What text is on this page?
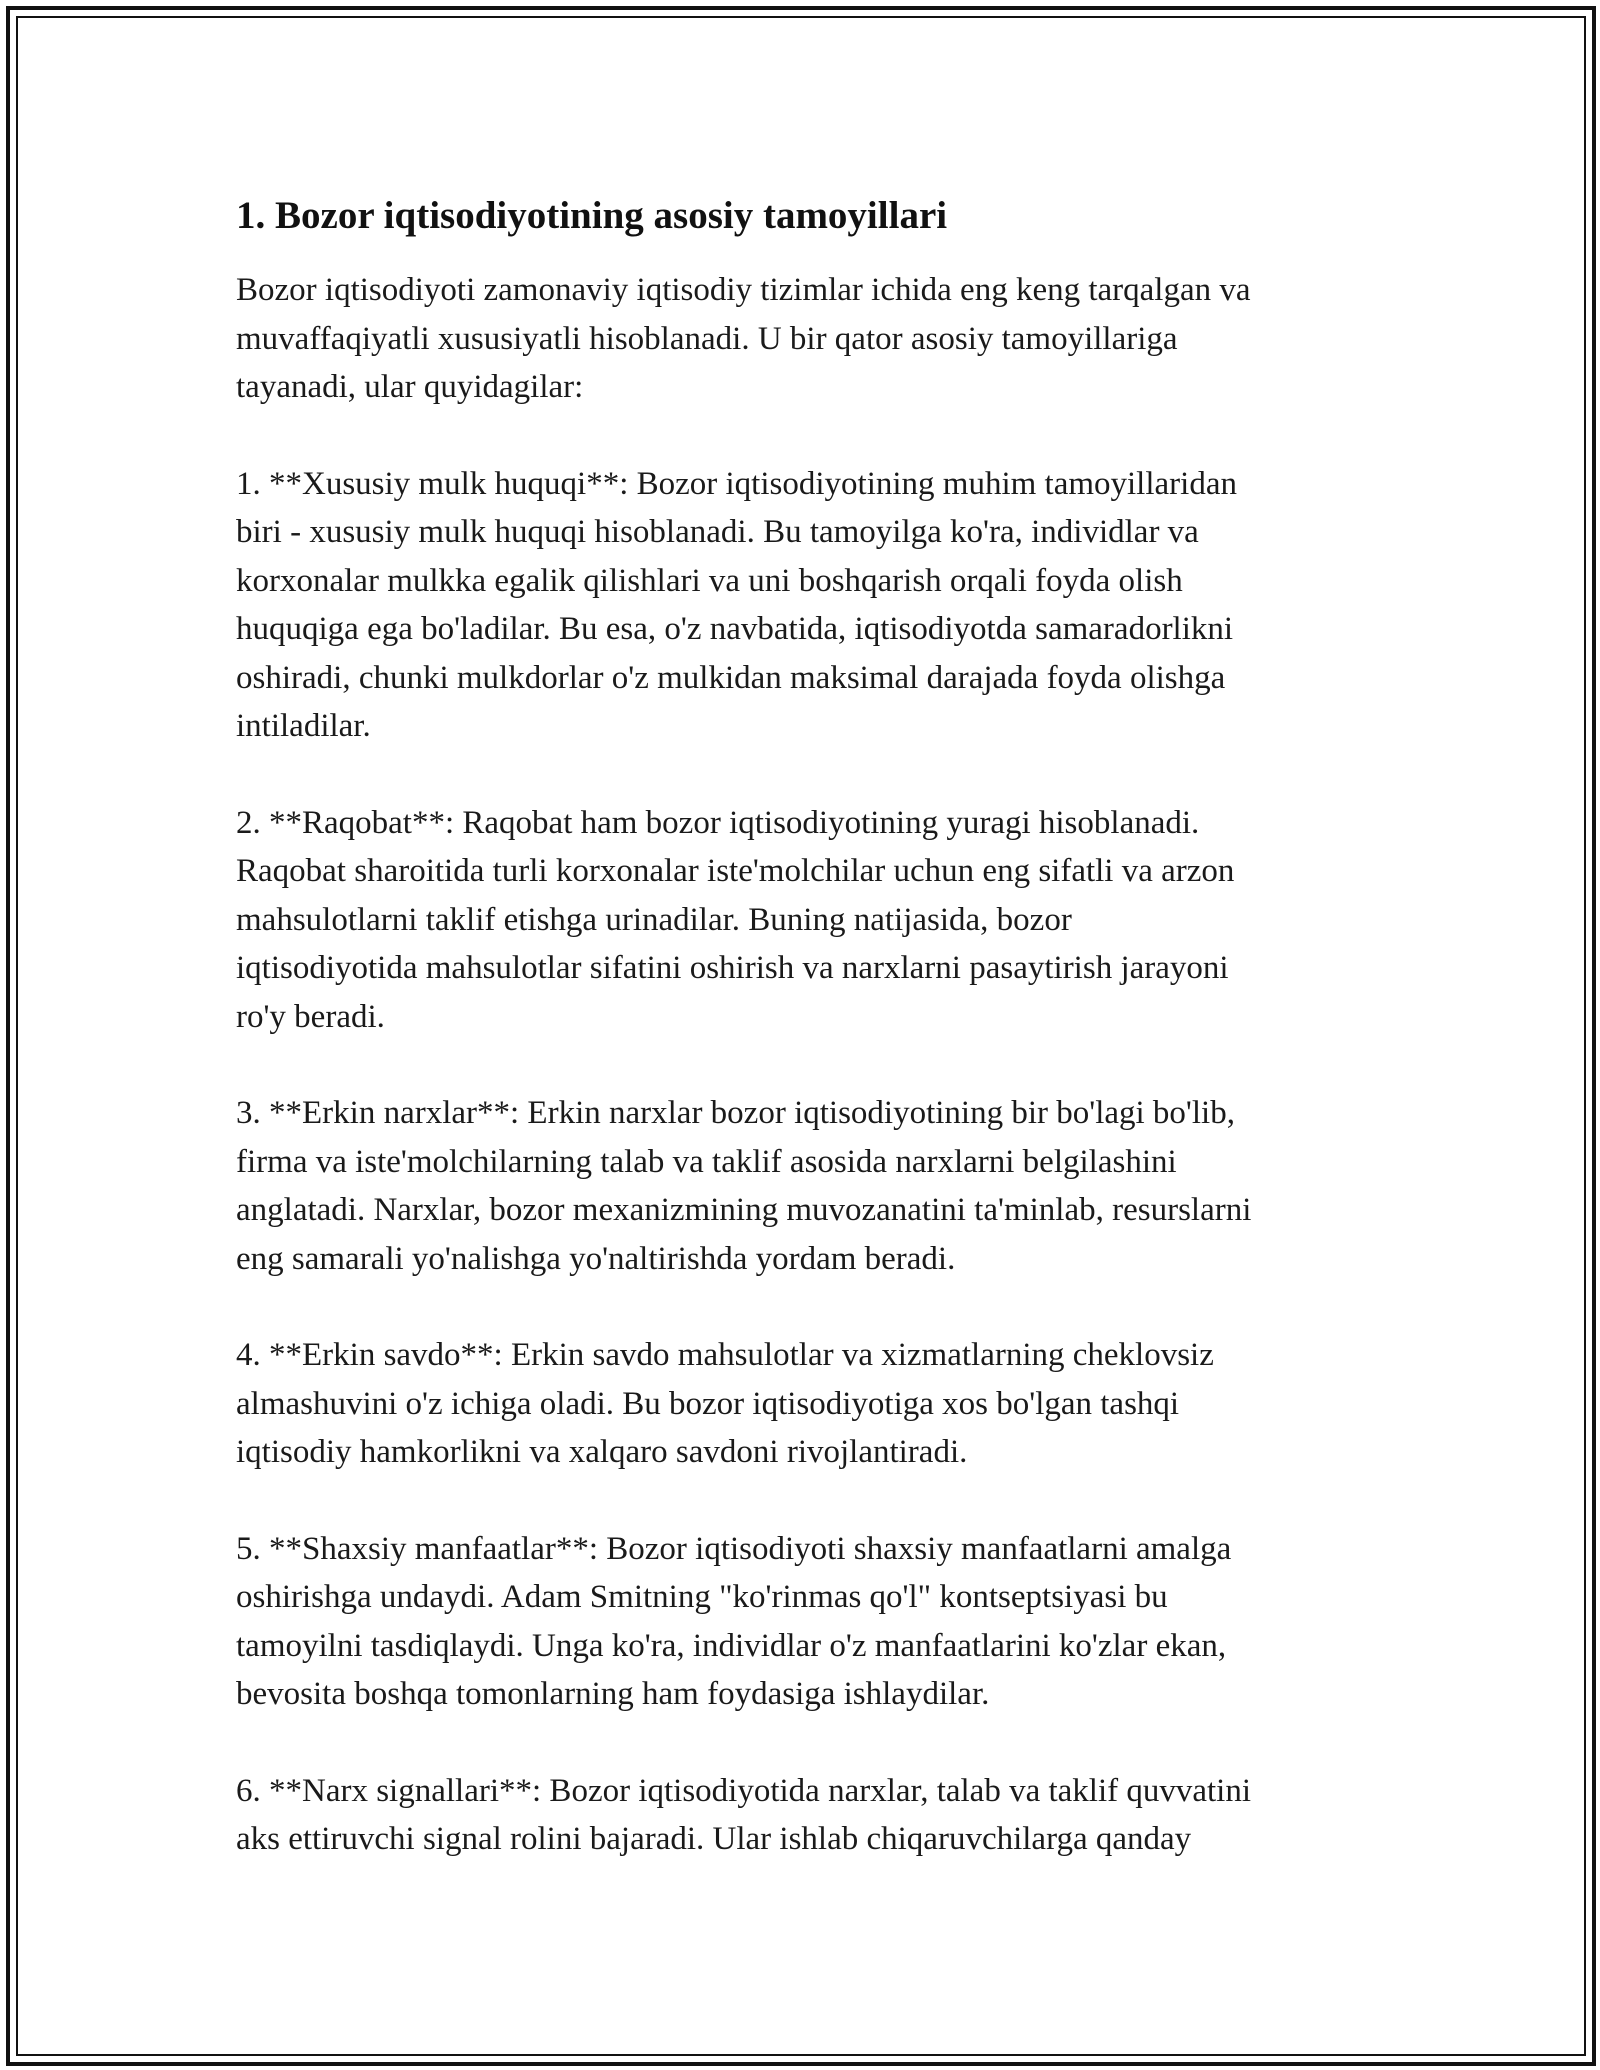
1. Bozor iqtisodiyotining asosiy tamoyillari

Bozor iqtisodiyoti zamonaviy iqtisodiy tizimlar ichida eng keng tarqalgan va
muvaffaqiyatli xususiyatli hisoblanadi. U bir qator asosiy tamoyillariga
tayanadi, ular quyidagilar:

1. **Xususiy mulk huquqi**: Bozor iqtisodiyotining muhim tamoyillaridan
biri - xususiy mulk huquqi hisoblanadi. Bu tamoyilga ko'ra, individlar va
korxonalar mulkka egalik qilishlari va uni boshqarish orqali foyda olish
huquqiga ega bo'ladilar. Bu esa, o'z navbatida, iqtisodiyotda samaradorlikni
oshiradi, chunki mulkdorlar o'z mulkidan maksimal darajada foyda olishga
intiladilar.

2. **Raqobat**: Raqobat ham bozor iqtisodiyotining yuragi hisoblanadi.
Raqobat sharoitida turli korxonalar iste'molchilar uchun eng sifatli va arzon
mahsulotlarni taklif etishga urinadilar. Buning natijasida, bozor
iqtisodiyotida mahsulotlar sifatini oshirish va narxlarni pasaytirish jarayoni
ro'y beradi.

3. **Erkin narxlar**: Erkin narxlar bozor iqtisodiyotining bir bo'lagi bo'lib,
firma va iste'molchilarning talab va taklif asosida narxlarni belgilashini
anglatadi. Narxlar, bozor mexanizmining muvozanatini ta'minlab, resurslarni
eng samarali yo'nalishga yo'naltirishda yordam beradi.

4. **Erkin savdo**: Erkin savdo mahsulotlar va xizmatlarning cheklovsiz
almashuvini o'z ichiga oladi. Bu bozor iqtisodiyotiga xos bo'lgan tashqi
iqtisodiy hamkorlikni va xalqaro savdoni rivojlantiradi.

5. **Shaxsiy manfaatlar**: Bozor iqtisodiyoti shaxsiy manfaatlarni amalga
oshirishga undaydi. Adam Smitning "ko'rinmas qo'l" kontseptsiyasi bu
tamoyilni tasdiqlaydi. Unga ko'ra, individlar o'z manfaatlarini ko'zlar ekan,
bevosita boshqa tomonlarning ham foydasiga ishlaydilar.

6. **Narx signallari**: Bozor iqtisodiyotida narxlar, talab va taklif quvvatini
aks ettiruvchi signal rolini bajaradi. Ular ishlab chiqaruvchilarga qanday
